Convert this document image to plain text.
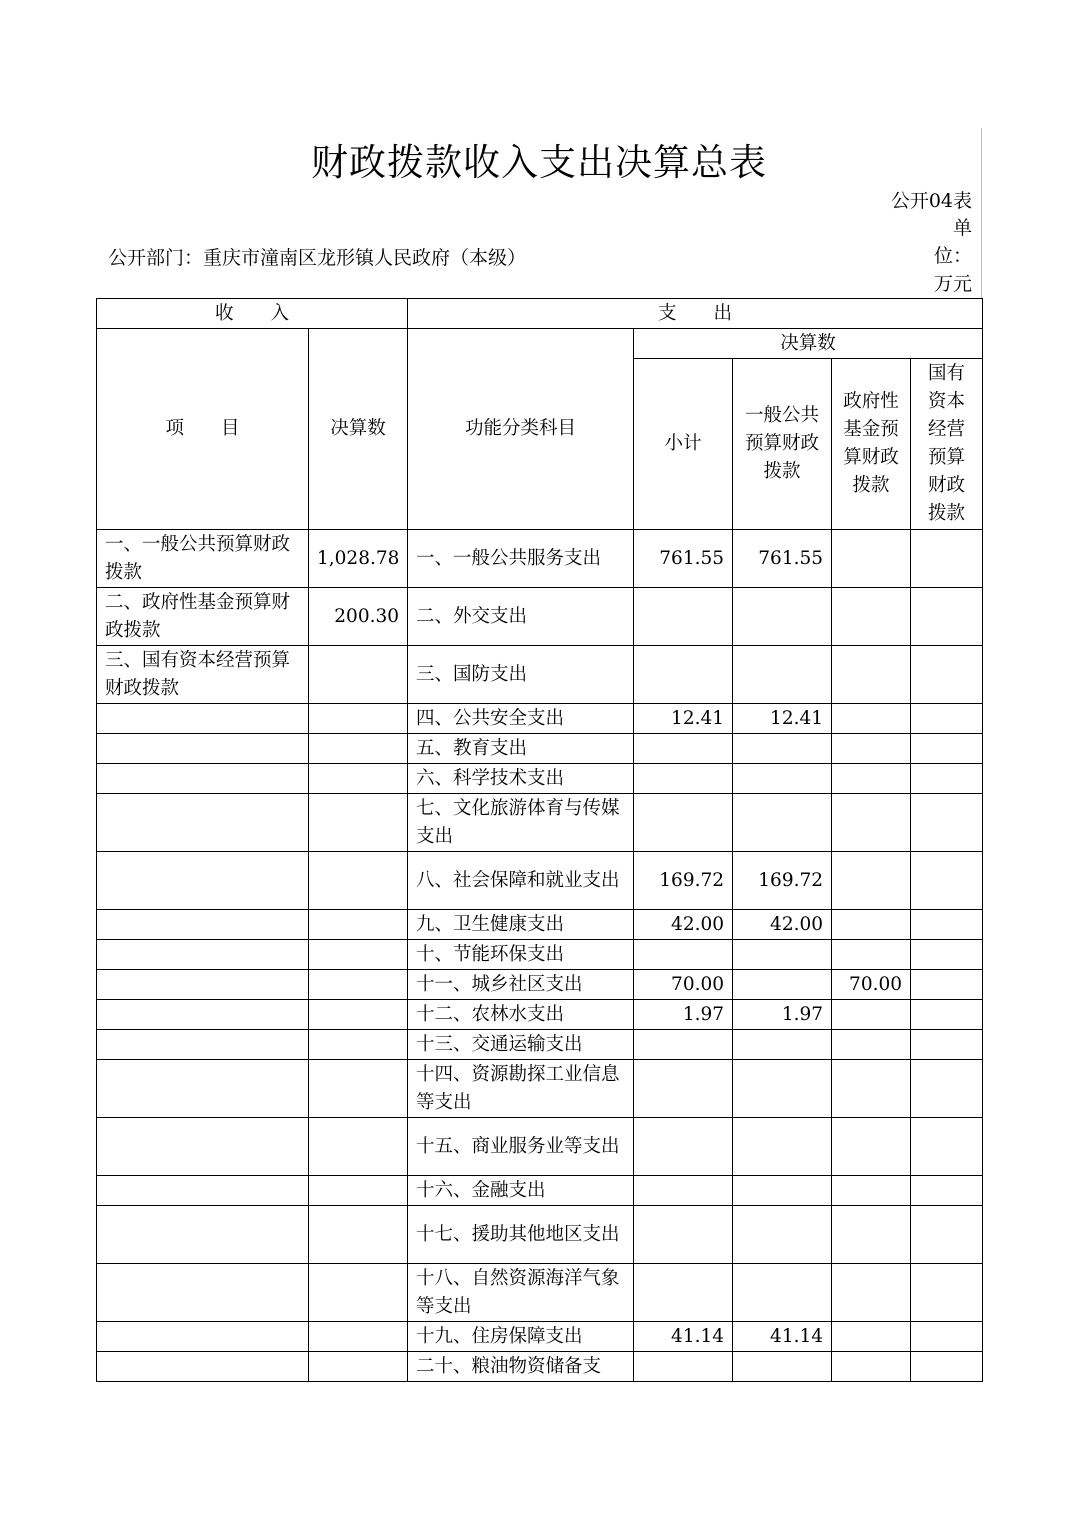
财政拨款收入支出决算总表
公开04表
单
位：
万元
公开部门：重庆市潼南区龙形镇人民政府（本级）
收　　入		支　　出				
项　　目	决算数	功能分类科目	决算数			
			小计	一般公共预算财政拨款	政府性基金预算财政拨款	国有资本经营预算财政拨款
一、一般公共预算财政拨款	1,028.78	一、一般公共服务支出	761.55	761.55		
二、政府性基金预算财政拨款	200.30	二、外交支出				
三、国有资本经营预算财政拨款		三、国防支出				
		四、公共安全支出	12.41	12.41		
		五、教育支出				
		六、科学技术支出				
		七、文化旅游体育与传媒支出				
		八、社会保障和就业支出	169.72	169.72		
		九、卫生健康支出	42.00	42.00		
		十、节能环保支出				
		十一、城乡社区支出	70.00		70.00	
		十二、农林水支出	1.97	1.97		
		十三、交通运输支出				
		十四、资源勘探工业信息等支出				
		十五、商业服务业等支出				
		十六、金融支出				
		十七、援助其他地区支出				
		十八、自然资源海洋气象等支出				
		十九、住房保障支出	41.14	41.14		
		二十、粮油物资储备支				
